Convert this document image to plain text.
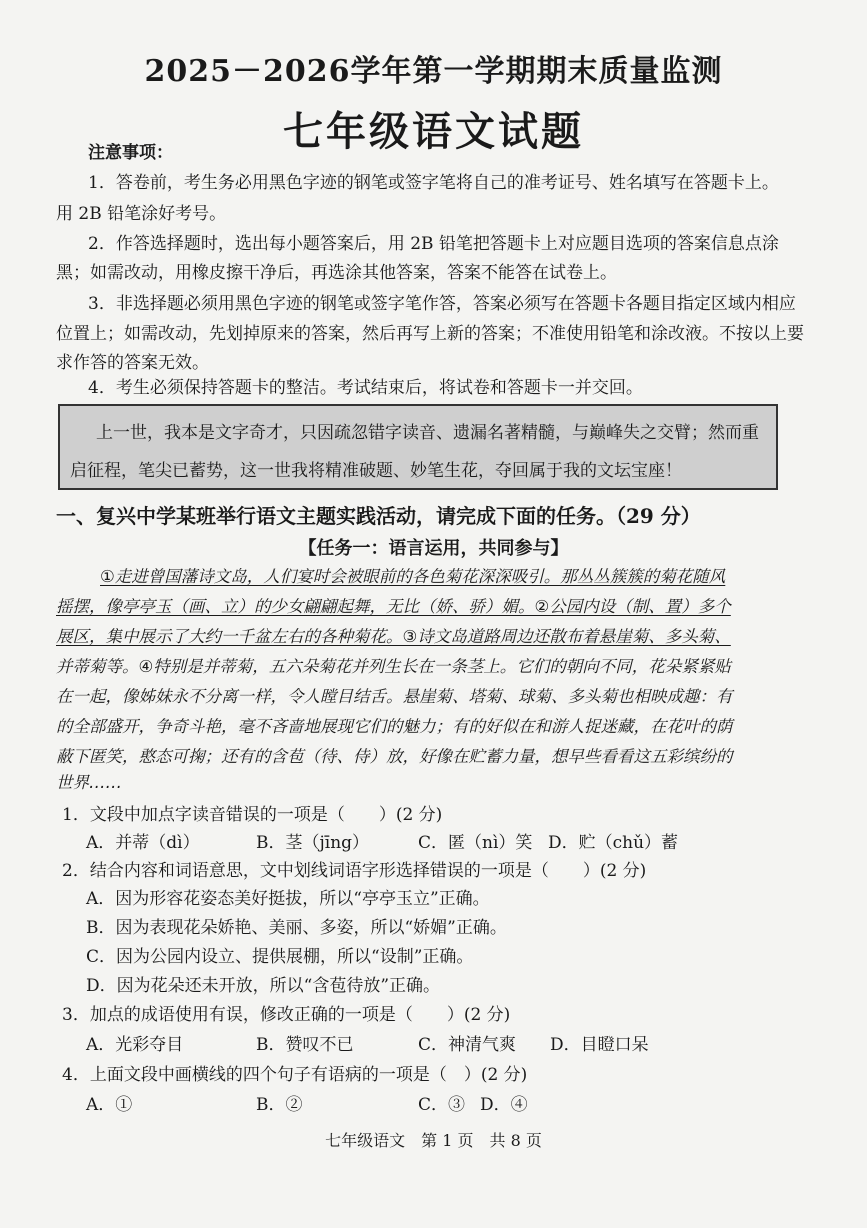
2025－2026学年第一学期期末质量监测
七年级语文试题
注意事项：
1．答卷前，考生务必用黑色字迹的钢笔或签字笔将自己的准考证号、姓名填写在答题卡上。
用 2B 铅笔涂好考号。
2．作答选择题时，选出每小题答案后，用 2B 铅笔把答题卡上对应题目选项的答案信息点涂
黑；如需改动，用橡皮擦干净后，再选涂其他答案，答案不能答在试卷上。
3．非选择题必须用黑色字迹的钢笔或签字笔作答，答案必须写在答题卡各题目指定区域内相应
位置上；如需改动，先划掉原来的答案，然后再写上新的答案；不准使用铅笔和涂改液。不按以上要
求作答的答案无效。
4．考生必须保持答题卡的整洁。考试结束后，将试卷和答题卡一并交回。
上一世，我本是文字奇才，只因疏忽错字读音、遗漏名著精髓，与巅峰失之交臂；然而重
启征程，笔尖已蓄势，这一世我将精准破题、妙笔生花，夺回属于我的文坛宝座！
一、复兴中学某班举行语文主题实践活动，请完成下面的任务。（29 分）
【任务一：语言运用，共同参与】
①走进曾国藩诗文岛，人们宴时会被眼前的各色菊花深深吸引。那丛丛簇簇的菊花随风
摇摆，像亭亭玉（画、立）的少女翩翩起舞，无比（娇、骄）媚。②公园内设（制、置）多个
展区，集中展示了大约一千盆左右的各种菊花。③诗文岛道路周边还散布着悬崖菊、多头菊、
并蒂菊等。④特别是并蒂菊，五六朵菊花并列生长在一条茎上。它们的朝向不同，花朵紧紧贴
在一起，像姊妹永不分离一样，令人瞠目结舌。悬崖菊、塔菊、球菊、多头菊也相映成趣：有
的全部盛开，争奇斗艳，毫不吝啬地展现它们的魅力；有的好似在和游人捉迷藏，在花叶的荫
蔽下匿笑，憨态可掬；还有的含苞（待、侍）放，好像在贮蓄力量，想早些看看这五彩缤纷的
世界……
1．文段中加点字读音错误的一项是（　　）(2 分)
A．并蒂（dì）	B．茎（jīng）	C．匿（nì）笑 D．贮（chǔ）蓄
2．结合内容和词语意思，文中划线词语字形选择错误的一项是（　　）(2 分)
A．因为形容花姿态美好挺拔，所以“亭亭玉立”正确。
B．因为表现花朵娇艳、美丽、多姿，所以“娇媚”正确。
C．因为公园内设立、提供展棚，所以“设制”正确。
D．因为花朵还未开放，所以“含苞待放”正确。
3．加点的成语使用有误，修改正确的一项是（　　）(2 分)
A．光彩夺目	B．赞叹不已	C．神清气爽 D．目瞪口呆
4．上面文段中画横线的四个句子有语病的一项是（　）(2 分)
A．①	B．②	C．③ D．④
七年级语文　第 1 页　共 8 页
